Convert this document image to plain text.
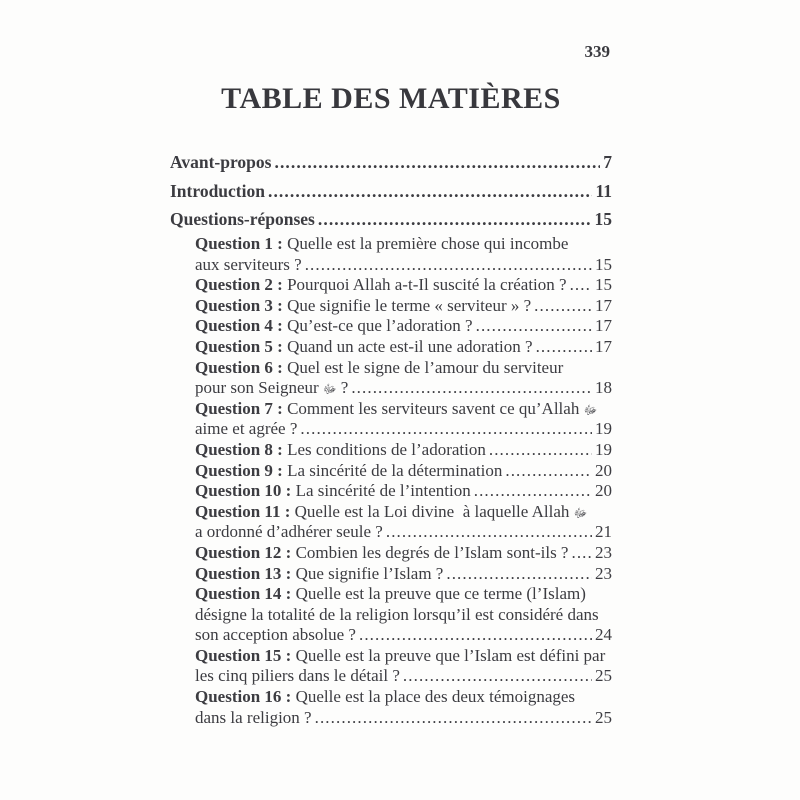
339
TABLE DES MATIÈRES
Avant-propos .....	7
Introduction .....	11
Questions-réponses .....	15
Question 1 : Quelle est la première chose qui incombe
aux serviteurs ? .....	15
Question 2 : Pourquoi Allah a-t-Il suscité la création ? ..... 15
Question 3 : Que signifie le terme « serviteur » ? .....	17
Question 4 : Qu’est-ce que l’adoration ? .....	17
Question 5 : Quand un acte est-il une adoration ? .....	17
Question 6 : Quel est le signe de l’amour du serviteur
pour son Seigneur ﷻ ? .....	18
Question 7 : Comment les serviteurs savent ce qu’Allah ﷻ
aime et agrée ? .....	19
Question 8 : Les conditions de l’adoration .....	19
Question 9 : La sincérité de la détermination .....	20
Question 10 : La sincérité de l’intention .....	20
Question 11 : Quelle est la Loi divine  à laquelle Allah ﷻ
a ordonné d’adhérer seule ? .....	21
Question 12 : Combien les degrés de l’Islam sont-ils ? ..... 23
Question 13 : Que signifie l’Islam ? .....	23
Question 14 : Quelle est la preuve que ce terme (l’Islam)
désigne la totalité de la religion lorsqu’il est considéré dans
son acception absolue ? .....	24
Question 15 : Quelle est la preuve que l’Islam est défini par
les cinq piliers dans le détail ? .....	25
Question 16 : Quelle est la place des deux témoignages
dans la religion ? .....	25
